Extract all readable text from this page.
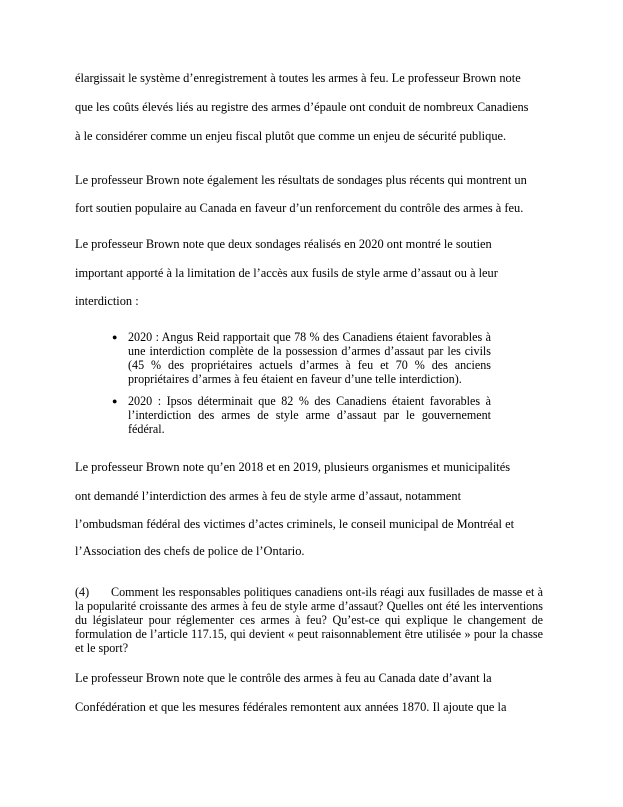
élargissait le système d’enregistrement à toutes les armes à feu. Le professeur Brown note
que les coûts élevés liés au registre des armes d’épaule ont conduit de nombreux Canadiens
à le considérer comme un enjeu fiscal plutôt que comme un enjeu de sécurité publique.
Le professeur Brown note également les résultats de sondages plus récents qui montrent un
fort soutien populaire au Canada en faveur d’un renforcement du contrôle des armes à feu.
Le professeur Brown note que deux sondages réalisés en 2020 ont montré le soutien
important apporté à la limitation de l’accès aux fusils de style arme d’assaut ou à leur
interdiction :
● 2020 : Angus Reid rapportait que 78 % des Canadiens étaient favorables à une interdiction complète de la possession d’armes d’assaut par les civils (45 % des propriétaires actuels d’armes à feu et 70 % des anciens propriétaires d’armes à feu étaient en faveur d’une telle interdiction).
● 2020 : Ipsos déterminait que 82 % des Canadiens étaient favorables à l’interdiction des armes de style arme d’assaut par le gouvernement fédéral.
Le professeur Brown note qu’en 2018 et en 2019, plusieurs organismes et municipalités
ont demandé l’interdiction des armes à feu de style arme d’assaut, notamment
l’ombudsman fédéral des victimes d’actes criminels, le conseil municipal de Montréal et
l’Association des chefs de police de l’Ontario.
(4) Comment les responsables politiques canadiens ont-ils réagi aux fusillades de masse et à la popularité croissante des armes à feu de style arme d’assaut? Quelles ont été les interventions du législateur pour réglementer ces armes à feu? Qu’est-ce qui explique le changement de formulation de l’article 117.15, qui devient « peut raisonnablement être utilisée » pour la chasse et le sport?
Le professeur Brown note que le contrôle des armes à feu au Canada date d’avant la
Confédération et que les mesures fédérales remontent aux années 1870. Il ajoute que la
